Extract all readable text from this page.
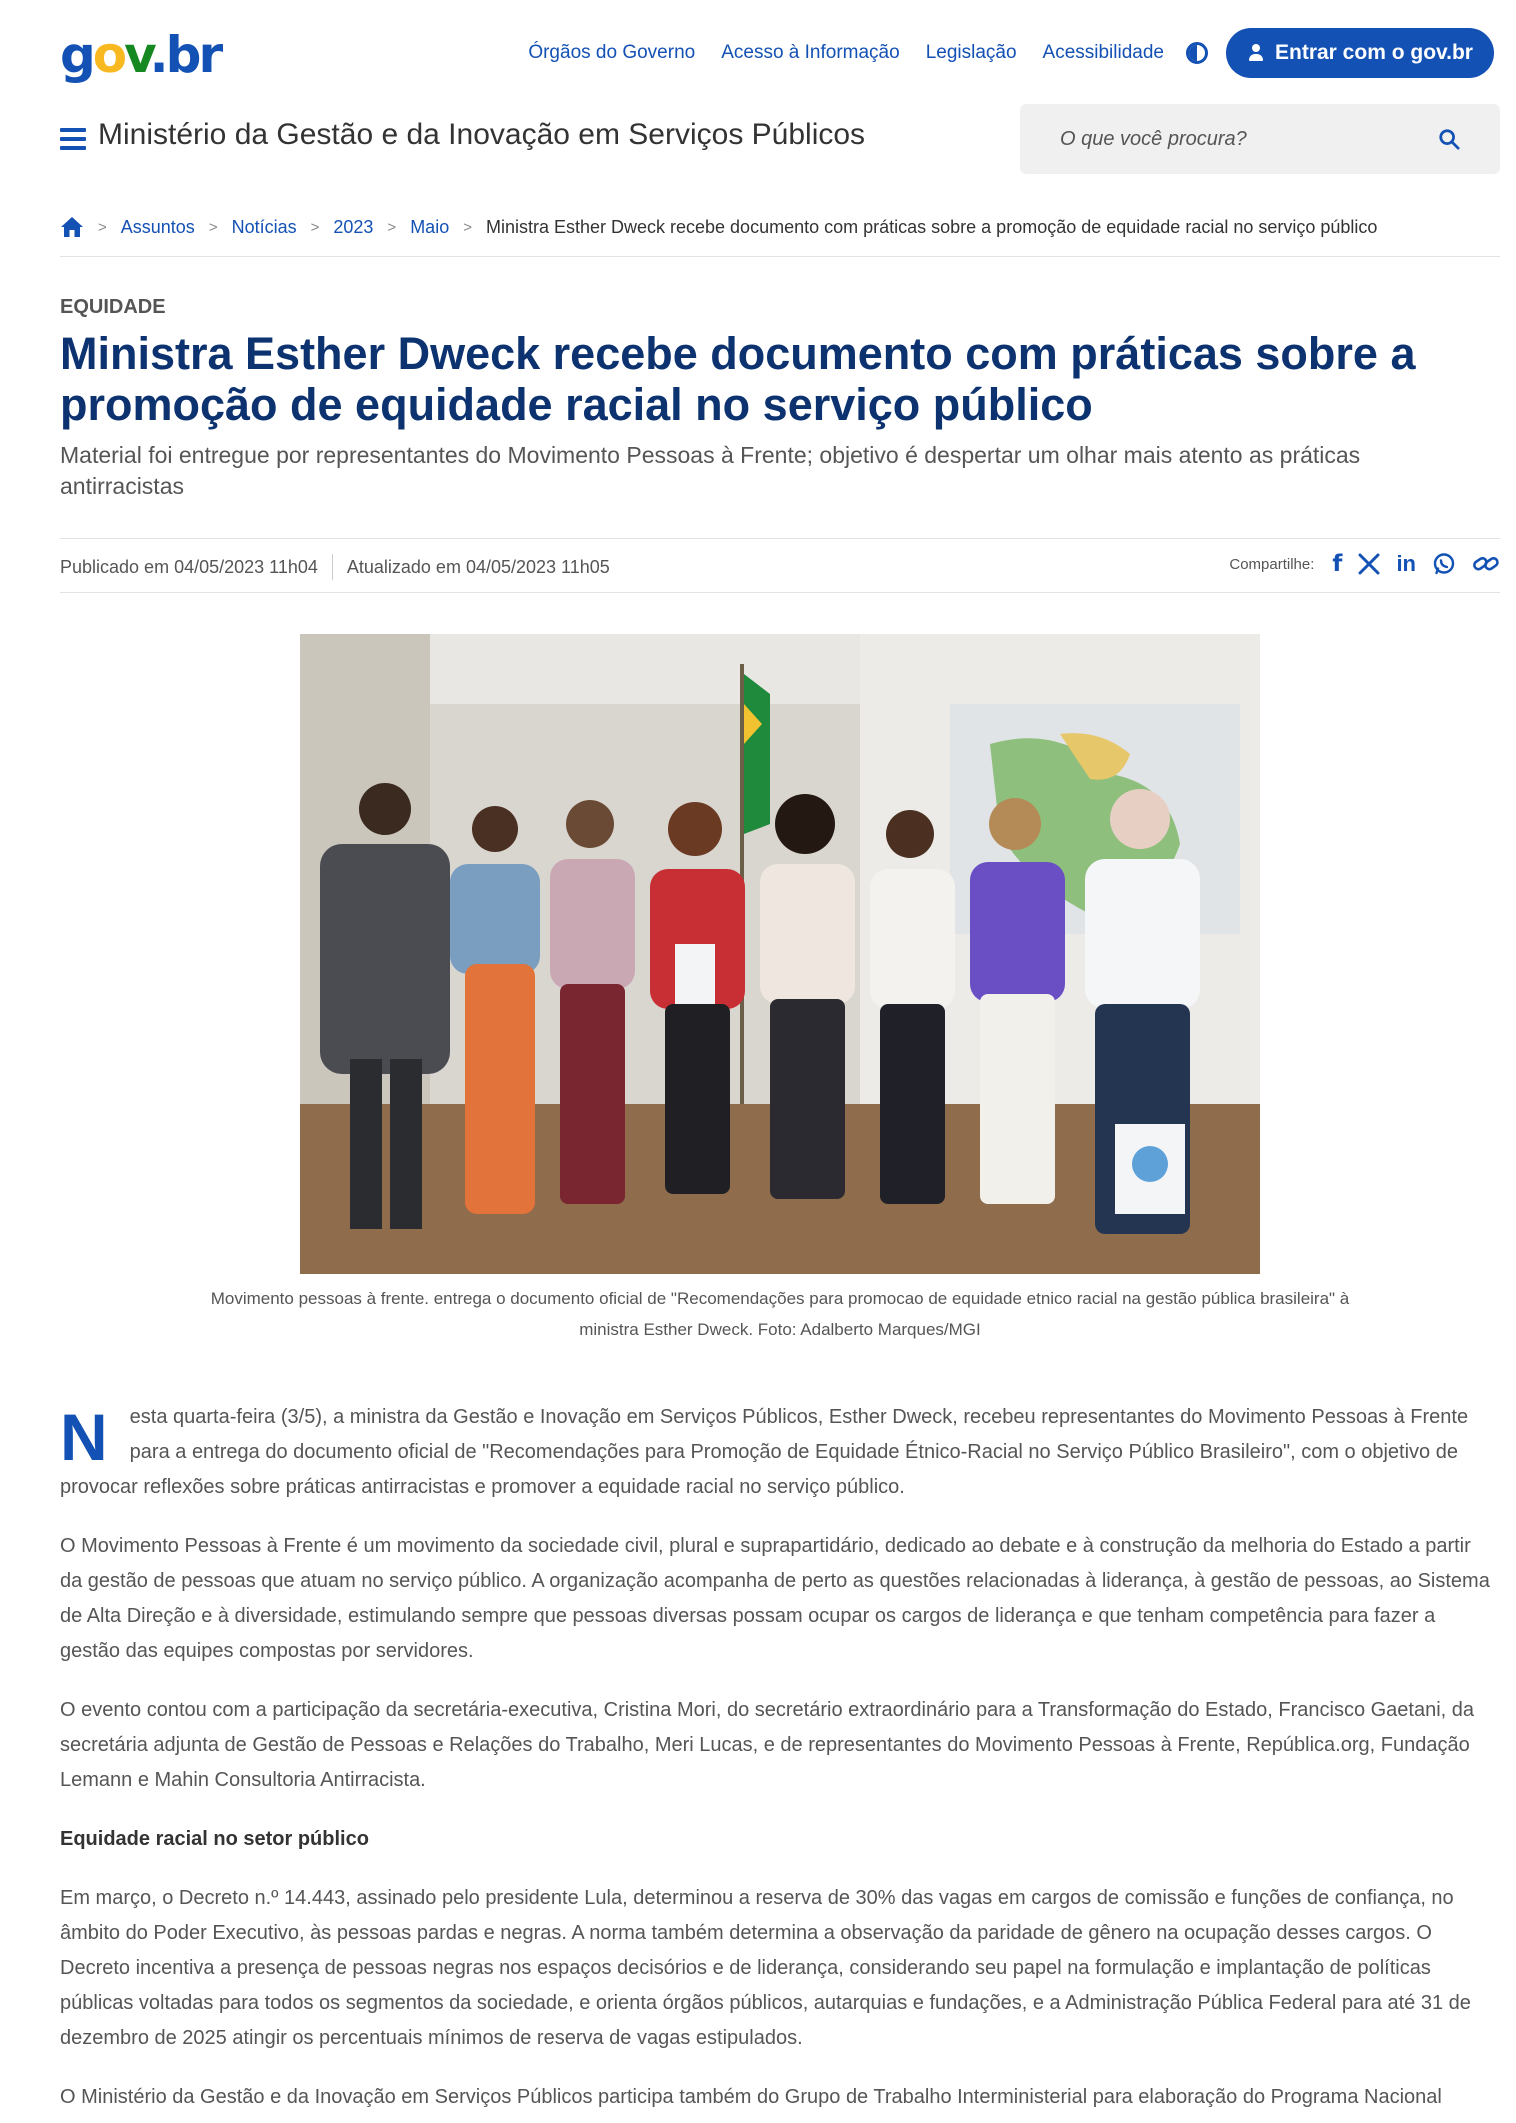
gov.br	Órgãos do Governo Acesso à Informação Legislação Acessibilidade	Entrar com o gov.br
Ministério da Gestão e da Inovação em Serviços Públicos	O que você procura?
> Assuntos > Notícias > 2023 > Maio > Ministra Esther Dweck recebe documento com práticas sobre a promoção de equidade racial no serviço público
EQUIDADE
Ministra Esther Dweck recebe documento com práticas sobre a promoção de equidade racial no serviço público
Material foi entregue por representantes do Movimento Pessoas à Frente; objetivo é despertar um olhar mais atento as práticas antirracistas
Publicado em 04/05/2023 11h04 Atualizado em 04/05/2023 11h05	Compartilhe: f in
Movimento pessoas à frente. entrega o documento oficial de "Recomendações para promocao de equidade etnico racial na gestão pública brasileira" à ministra Esther Dweck. Foto: Adalberto Marques/MGI

N esta quarta-feira (3/5), a ministra da Gestão e Inovação em Serviços Públicos, Esther Dweck, recebeu representantes do Movimento Pessoas à Frente para a entrega do documento oficial de "Recomendações para Promoção de Equidade Étnico-Racial no Serviço Público Brasileiro", com o objetivo de provocar reflexões sobre práticas antirracistas e promover a equidade racial no serviço público.

O Movimento Pessoas à Frente é um movimento da sociedade civil, plural e suprapartidário, dedicado ao debate e à construção da melhoria do Estado a partir da gestão de pessoas que atuam no serviço público. A organização acompanha de perto as questões relacionadas à liderança, à gestão de pessoas, ao Sistema de Alta Direção e à diversidade, estimulando sempre que pessoas diversas possam ocupar os cargos de liderança e que tenham competência para fazer a gestão das equipes compostas por servidores.

O evento contou com a participação da secretária-executiva, Cristina Mori, do secretário extraordinário para a Transformação do Estado, Francisco Gaetani, da secretária adjunta de Gestão de Pessoas e Relações do Trabalho, Meri Lucas, e de representantes do Movimento Pessoas à Frente, República.org, Fundação Lemann e Mahin Consultoria Antirracista.

Equidade racial no setor público

Em março, o Decreto n.º 14.443, assinado pelo presidente Lula, determinou a reserva de 30% das vagas em cargos de comissão e funções de confiança, no âmbito do Poder Executivo, às pessoas pardas e negras. A norma também determina a observação da paridade de gênero na ocupação desses cargos. O Decreto incentiva a presença de pessoas negras nos espaços decisórios e de liderança, considerando seu papel na formulação e implantação de políticas públicas voltadas para todos os segmentos da sociedade, e orienta órgãos públicos, autarquias e fundações, e a Administração Pública Federal para até 31 de dezembro de 2025 atingir os percentuais mínimos de reserva de vagas estipulados.

O Ministério da Gestão e da Inovação em Serviços Públicos participa também do Grupo de Trabalho Interministerial para elaboração do Programa Nacional
